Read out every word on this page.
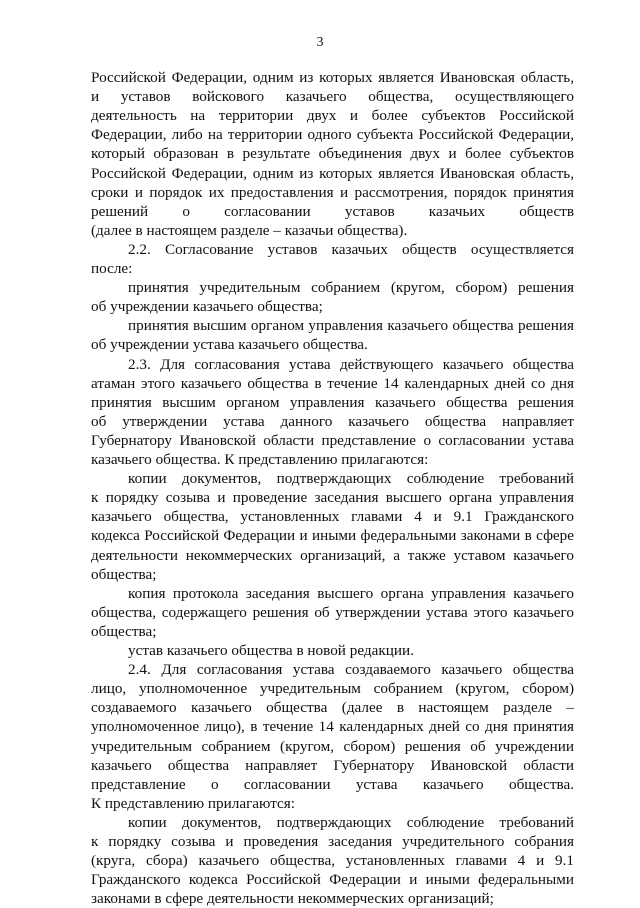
3
Российской Федерации, одним из которых является Ивановская область,
и уставов войскового казачьего общества, осуществляющего
деятельность на территории двух и более субъектов Российской
Федерации, либо на территории одного субъекта Российской Федерации,
который образован в результате объединения двух и более субъектов
Российской Федерации, одним из которых является Ивановская область,
сроки и порядок их предоставления и рассмотрения, порядок принятия
решений о согласовании уставов казачьих обществ
(далее в настоящем разделе – казачьи общества).
2.2. Согласование уставов казачьих обществ осуществляется
после:
принятия учредительным собранием (кругом, сбором) решения
об учреждении казачьего общества;
принятия высшим органом управления казачьего общества решения
об учреждении устава казачьего общества.
2.3. Для согласования устава действующего казачьего общества
атаман этого казачьего общества в течение 14 календарных дней со дня
принятия высшим органом управления казачьего общества решения
об утверждении устава данного казачьего общества направляет
Губернатору Ивановской области представление о согласовании устава
казачьего общества. К представлению прилагаются:
копии документов, подтверждающих соблюдение требований
к порядку созыва и проведение заседания высшего органа управления
казачьего общества, установленных главами 4 и 9.1 Гражданского
кодекса Российской Федерации и иными федеральными законами в сфере
деятельности некоммерческих организаций, а также уставом казачьего
общества;
копия протокола заседания высшего органа управления казачьего
общества, содержащего решения об утверждении устава этого казачьего
общества;
устав казачьего общества в новой редакции.
2.4. Для согласования устава создаваемого казачьего общества
лицо, уполномоченное учредительным собранием (кругом, сбором)
создаваемого казачьего общества (далее в настоящем разделе –
уполномоченное лицо), в течение 14 календарных дней со дня принятия
учредительным собранием (кругом, сбором) решения об учреждении
казачьего общества направляет Губернатору Ивановской области
представление о согласовании устава казачьего общества.
К представлению прилагаются:
копии документов, подтверждающих соблюдение требований
к порядку созыва и проведения заседания учредительного собрания
(круга, сбора) казачьего общества, установленных главами 4 и 9.1
Гражданского кодекса Российской Федерации и иными федеральными
законами в сфере деятельности некоммерческих организаций;
